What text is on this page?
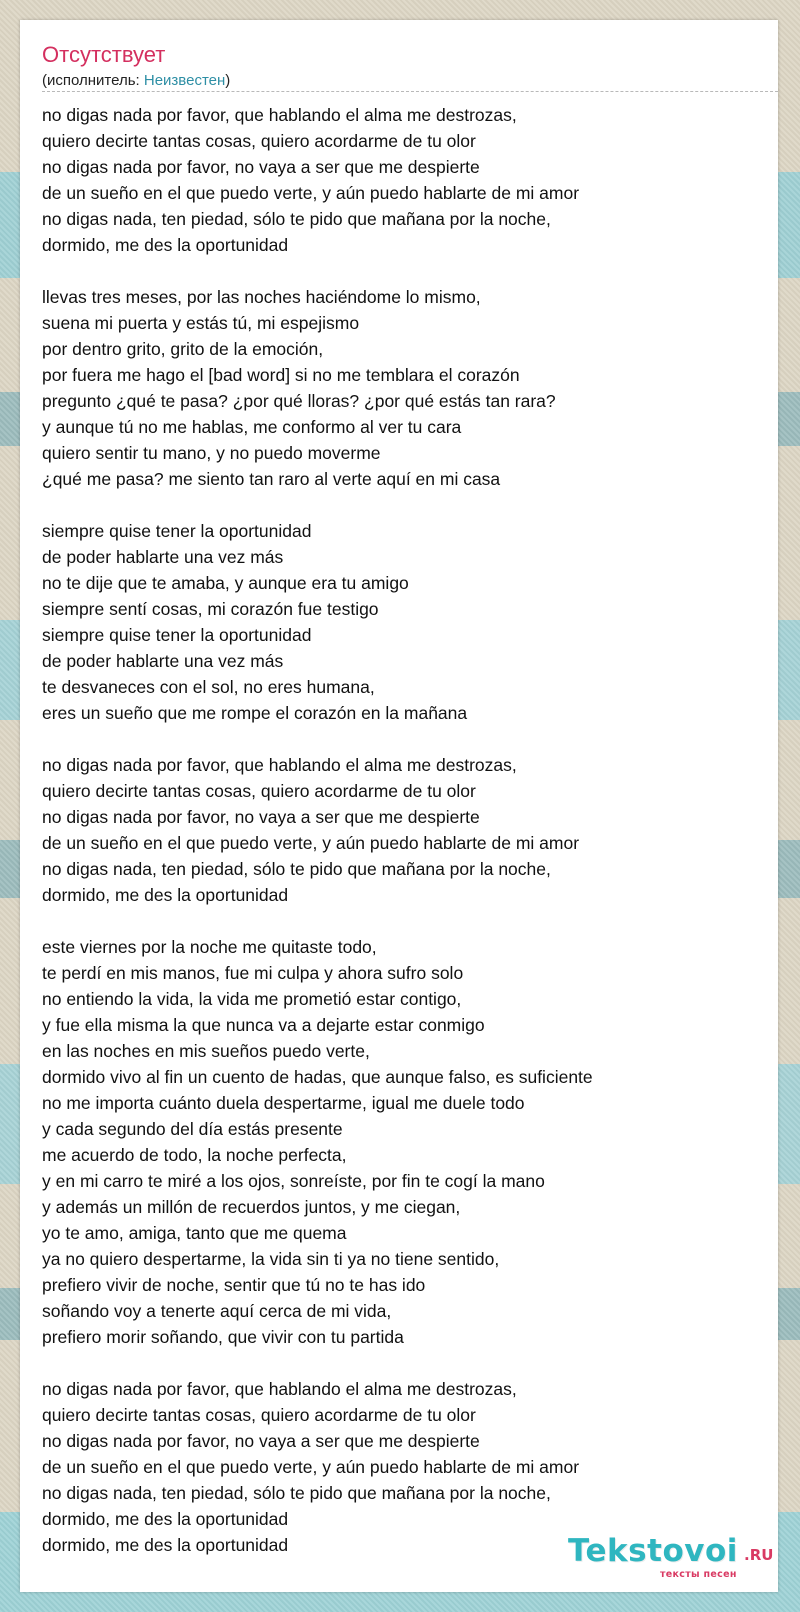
Отсутствует
(исполнитель: Неизвестен)
no digas nada por favor, que hablando el alma me destrozas,
quiero decirte tantas cosas, quiero acordarme de tu olor
no digas nada por favor, no vaya a ser que me despierte
de un sueño en el que puedo verte, y aún puedo hablarte de mi amor
no digas nada, ten piedad, sólo te pido que mañana por la noche,
dormido, me des la oportunidad
llevas tres meses, por las noches haciéndome lo mismo,
suena mi puerta y estás tú, mi espejismo
por dentro grito, grito de la emoción,
por fuera me hago el [bad word] si no me temblara el corazón
pregunto ¿qué te pasa? ¿por qué lloras? ¿por qué estás tan rara?
y aunque tú no me hablas, me conformo al ver tu cara
quiero sentir tu mano, y no puedo moverme
¿qué me pasa? me siento tan raro al verte aquí en mi casa
siempre quise tener la oportunidad
de poder hablarte una vez más
no te dije que te amaba, y aunque era tu amigo
siempre sentí cosas, mi corazón fue testigo
siempre quise tener la oportunidad
de poder hablarte una vez más
te desvaneces con el sol, no eres humana,
eres un sueño que me rompe el corazón en la mañana
no digas nada por favor, que hablando el alma me destrozas,
quiero decirte tantas cosas, quiero acordarme de tu olor
no digas nada por favor, no vaya a ser que me despierte
de un sueño en el que puedo verte, y aún puedo hablarte de mi amor
no digas nada, ten piedad, sólo te pido que mañana por la noche,
dormido, me des la oportunidad
este viernes por la noche me quitaste todo,
te perdí en mis manos, fue mi culpa y ahora sufro solo
no entiendo la vida, la vida me prometió estar contigo,
y fue ella misma la que nunca va a dejarte estar conmigo
en las noches en mis sueños puedo verte,
dormido vivo al fin un cuento de hadas, que aunque falso, es suficiente
no me importa cuánto duela despertarme, igual me duele todo
y cada segundo del día estás presente
me acuerdo de todo, la noche perfecta,
y en mi carro te miré a los ojos, sonreíste, por fin te cogí la mano
y además un millón de recuerdos juntos, y me ciegan,
yo te amo, amiga, tanto que me quema
ya no quiero despertarme, la vida sin ti ya no tiene sentido,
prefiero vivir de noche, sentir que tú no te has ido
soñando voy a tenerte aquí cerca de mi vida,
prefiero morir soñando, que vivir con tu partida
no digas nada por favor, que hablando el alma me destrozas,
quiero decirte tantas cosas, quiero acordarme de tu olor
no digas nada por favor, no vaya a ser que me despierte
de un sueño en el que puedo verte, y aún puedo hablarte de mi amor
no digas nada, ten piedad, sólo te pido que mañana por la noche,
dormido, me des la oportunidad
dormido, me des la oportunidad	Tekstovoi .RU
тексты песен
